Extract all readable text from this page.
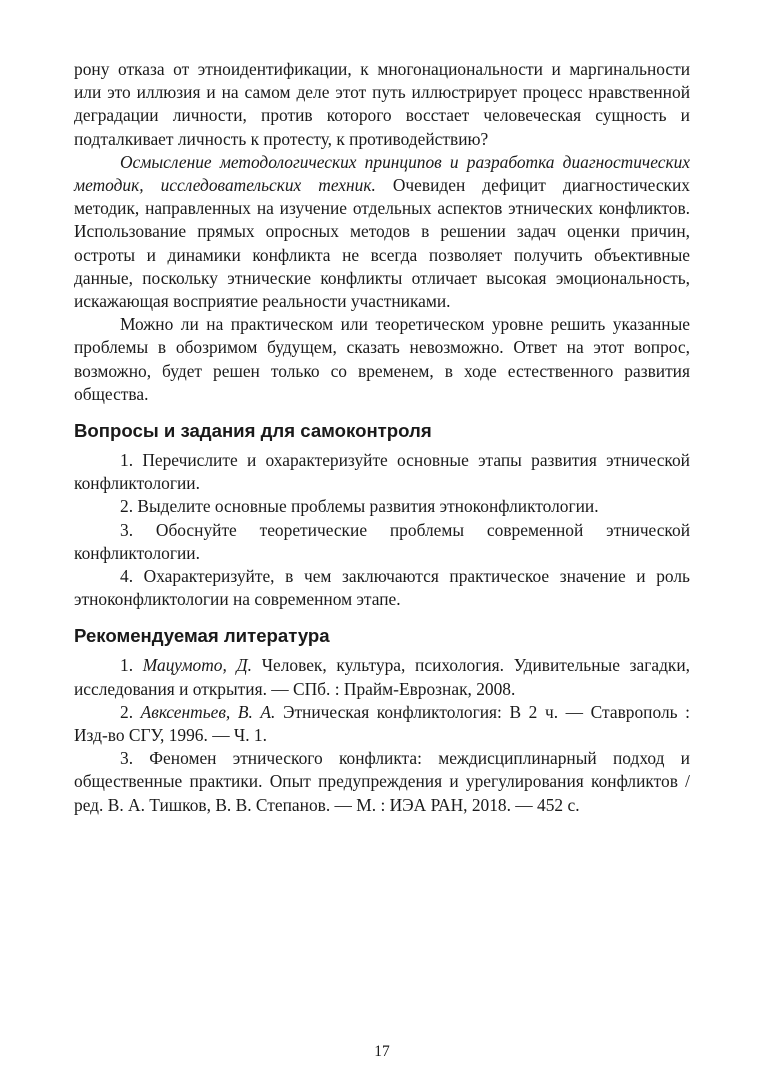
рону отказа от этноидентификации, к многонациональности и маргинальности или это иллюзия и на самом деле этот путь иллюстрирует процесс нравственной деградации личности, против которого восстает человеческая сущность и подталкивает личность к протесту, к противодействию?

Осмысление методологических принципов и разработка диагностических методик, исследовательских техник. Очевиден дефицит диагностических методик, направленных на изучение отдельных аспектов этнических конфликтов. Использование прямых опросных методов в решении задач оценки причин, остроты и динамики конфликта не всегда позволяет получить объективные данные, поскольку этнические конфликты отличает высокая эмоциональность, искажающая восприятие реальности участниками.

Можно ли на практическом или теоретическом уровне решить указанные проблемы в обозримом будущем, сказать невозможно. Ответ на этот вопрос, возможно, будет решен только со временем, в ходе естественного развития общества.

Вопросы и задания для самоконтроля

1. Перечислите и охарактеризуйте основные этапы развития этнической конфликтологии.

2. Выделите основные проблемы развития этноконфликтологии.

3. Обоснуйте теоретические проблемы современной этнической конфликтологии.

4. Охарактеризуйте, в чем заключаются практическое значение и роль этноконфликтологии на современном этапе.

Рекомендуемая литература

1. Мацумото, Д. Человек, культура, психология. Удивительные загадки, исследования и открытия. — СПб. : Прайм-Еврознак, 2008.

2. Авксентьев, В. А. Этническая конфликтология: В 2 ч. — Ставрополь : Изд-во СГУ, 1996. — Ч. 1.

3. Феномен этнического конфликта: междисциплинарный подход и общественные практики. Опыт предупреждения и урегулирования конфликтов / ред. В. А. Тишков, В. В. Степанов. — М. : ИЭА РАН, 2018. — 452 с.

17
